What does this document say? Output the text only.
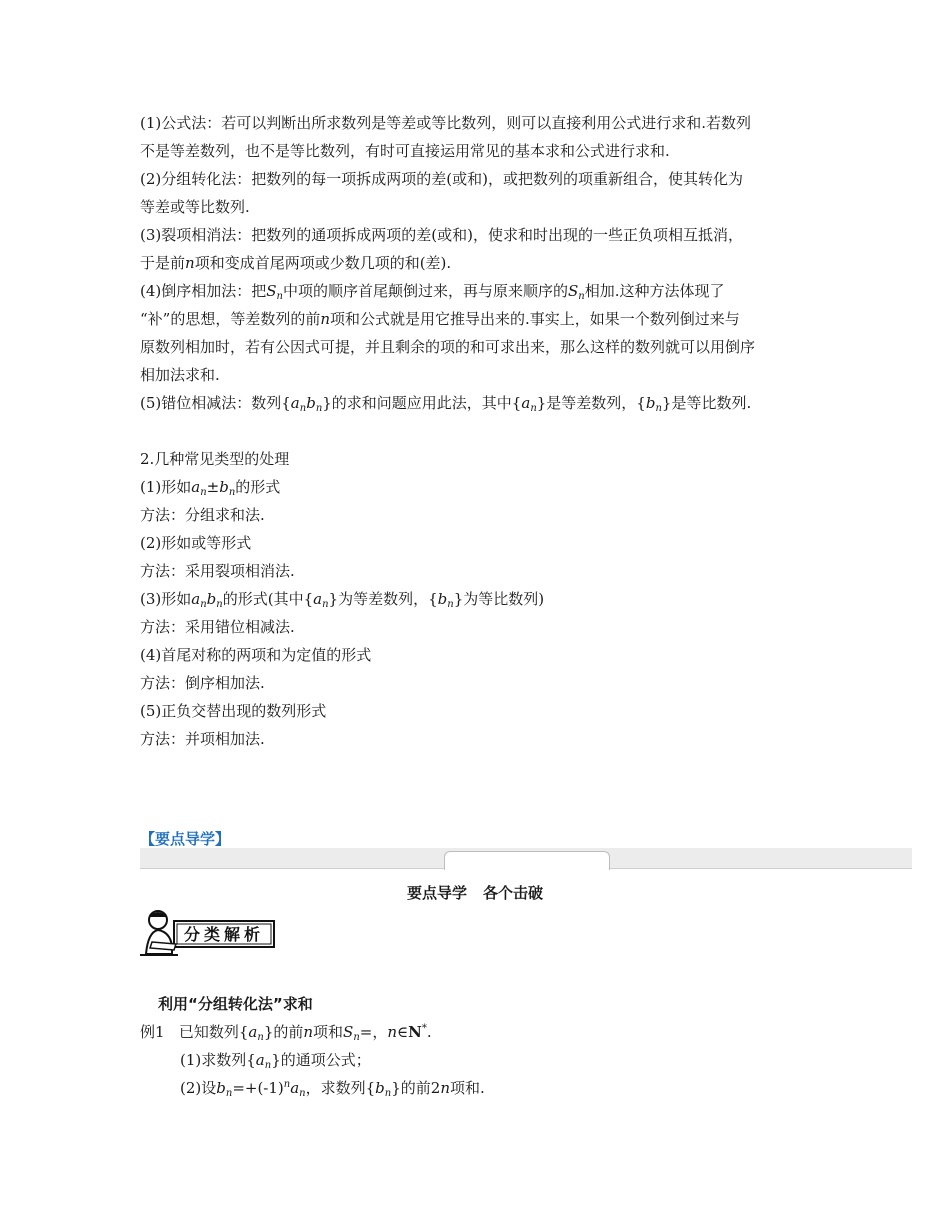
(1)公式法：若可以判断出所求数列是等差或等比数列，则可以直接利用公式进行求和.若数列
不是等差数列，也不是等比数列，有时可直接运用常见的基本求和公式进行求和.
(2)分组转化法：把数列的每一项拆成两项的差(或和)，或把数列的项重新组合，使其转化为
等差或等比数列.
(3)裂项相消法：把数列的通项拆成两项的差(或和)，使求和时出现的一些正负项相互抵消，
于是前n项和变成首尾两项或少数几项的和(差).
(4)倒序相加法：把$S_n$中项的顺序首尾颠倒过来，再与原来顺序的$S_n$相加.这种方法体现了
“补”的思想，等差数列的前n项和公式就是用它推导出来的.事实上，如果一个数列倒过来与
原数列相加时，若有公因式可提，并且剩余的项的和可求出来，那么这样的数列就可以用倒序
相加法求和.
(5)错位相减法：数列$\{a_nb_n\}$的求和问题应用此法，其中$\{a_n\}$是等差数列，$\{b_n\}$是等比数列.
2.几种常见类型的处理
(1)形如$a_n\pm b_n$的形式
方法：分组求和法.
(2)形如或等形式
方法：采用裂项相消法.
(3)形如$a_nb_n$的形式(其中$\{a_n\}$为等差数列，$\{b_n\}$为等比数列)
方法：采用错位相减法.
(4)首尾对称的两项和为定值的形式
方法：倒序相加法.
(5)正负交替出现的数列形式
方法：并项相加法.
【要点导学】
要点导学 各个击破
分类解析
利用“分组转化法”求和
例1 已知数列$\{a_n\}$的前n项和$S_n=$，n∈N*.
(1)求数列$\{a_n\}$的通项公式；
(2)设$b_n=+(-1)^na_n$，求数列$\{b_n\}$的前2n项和.
